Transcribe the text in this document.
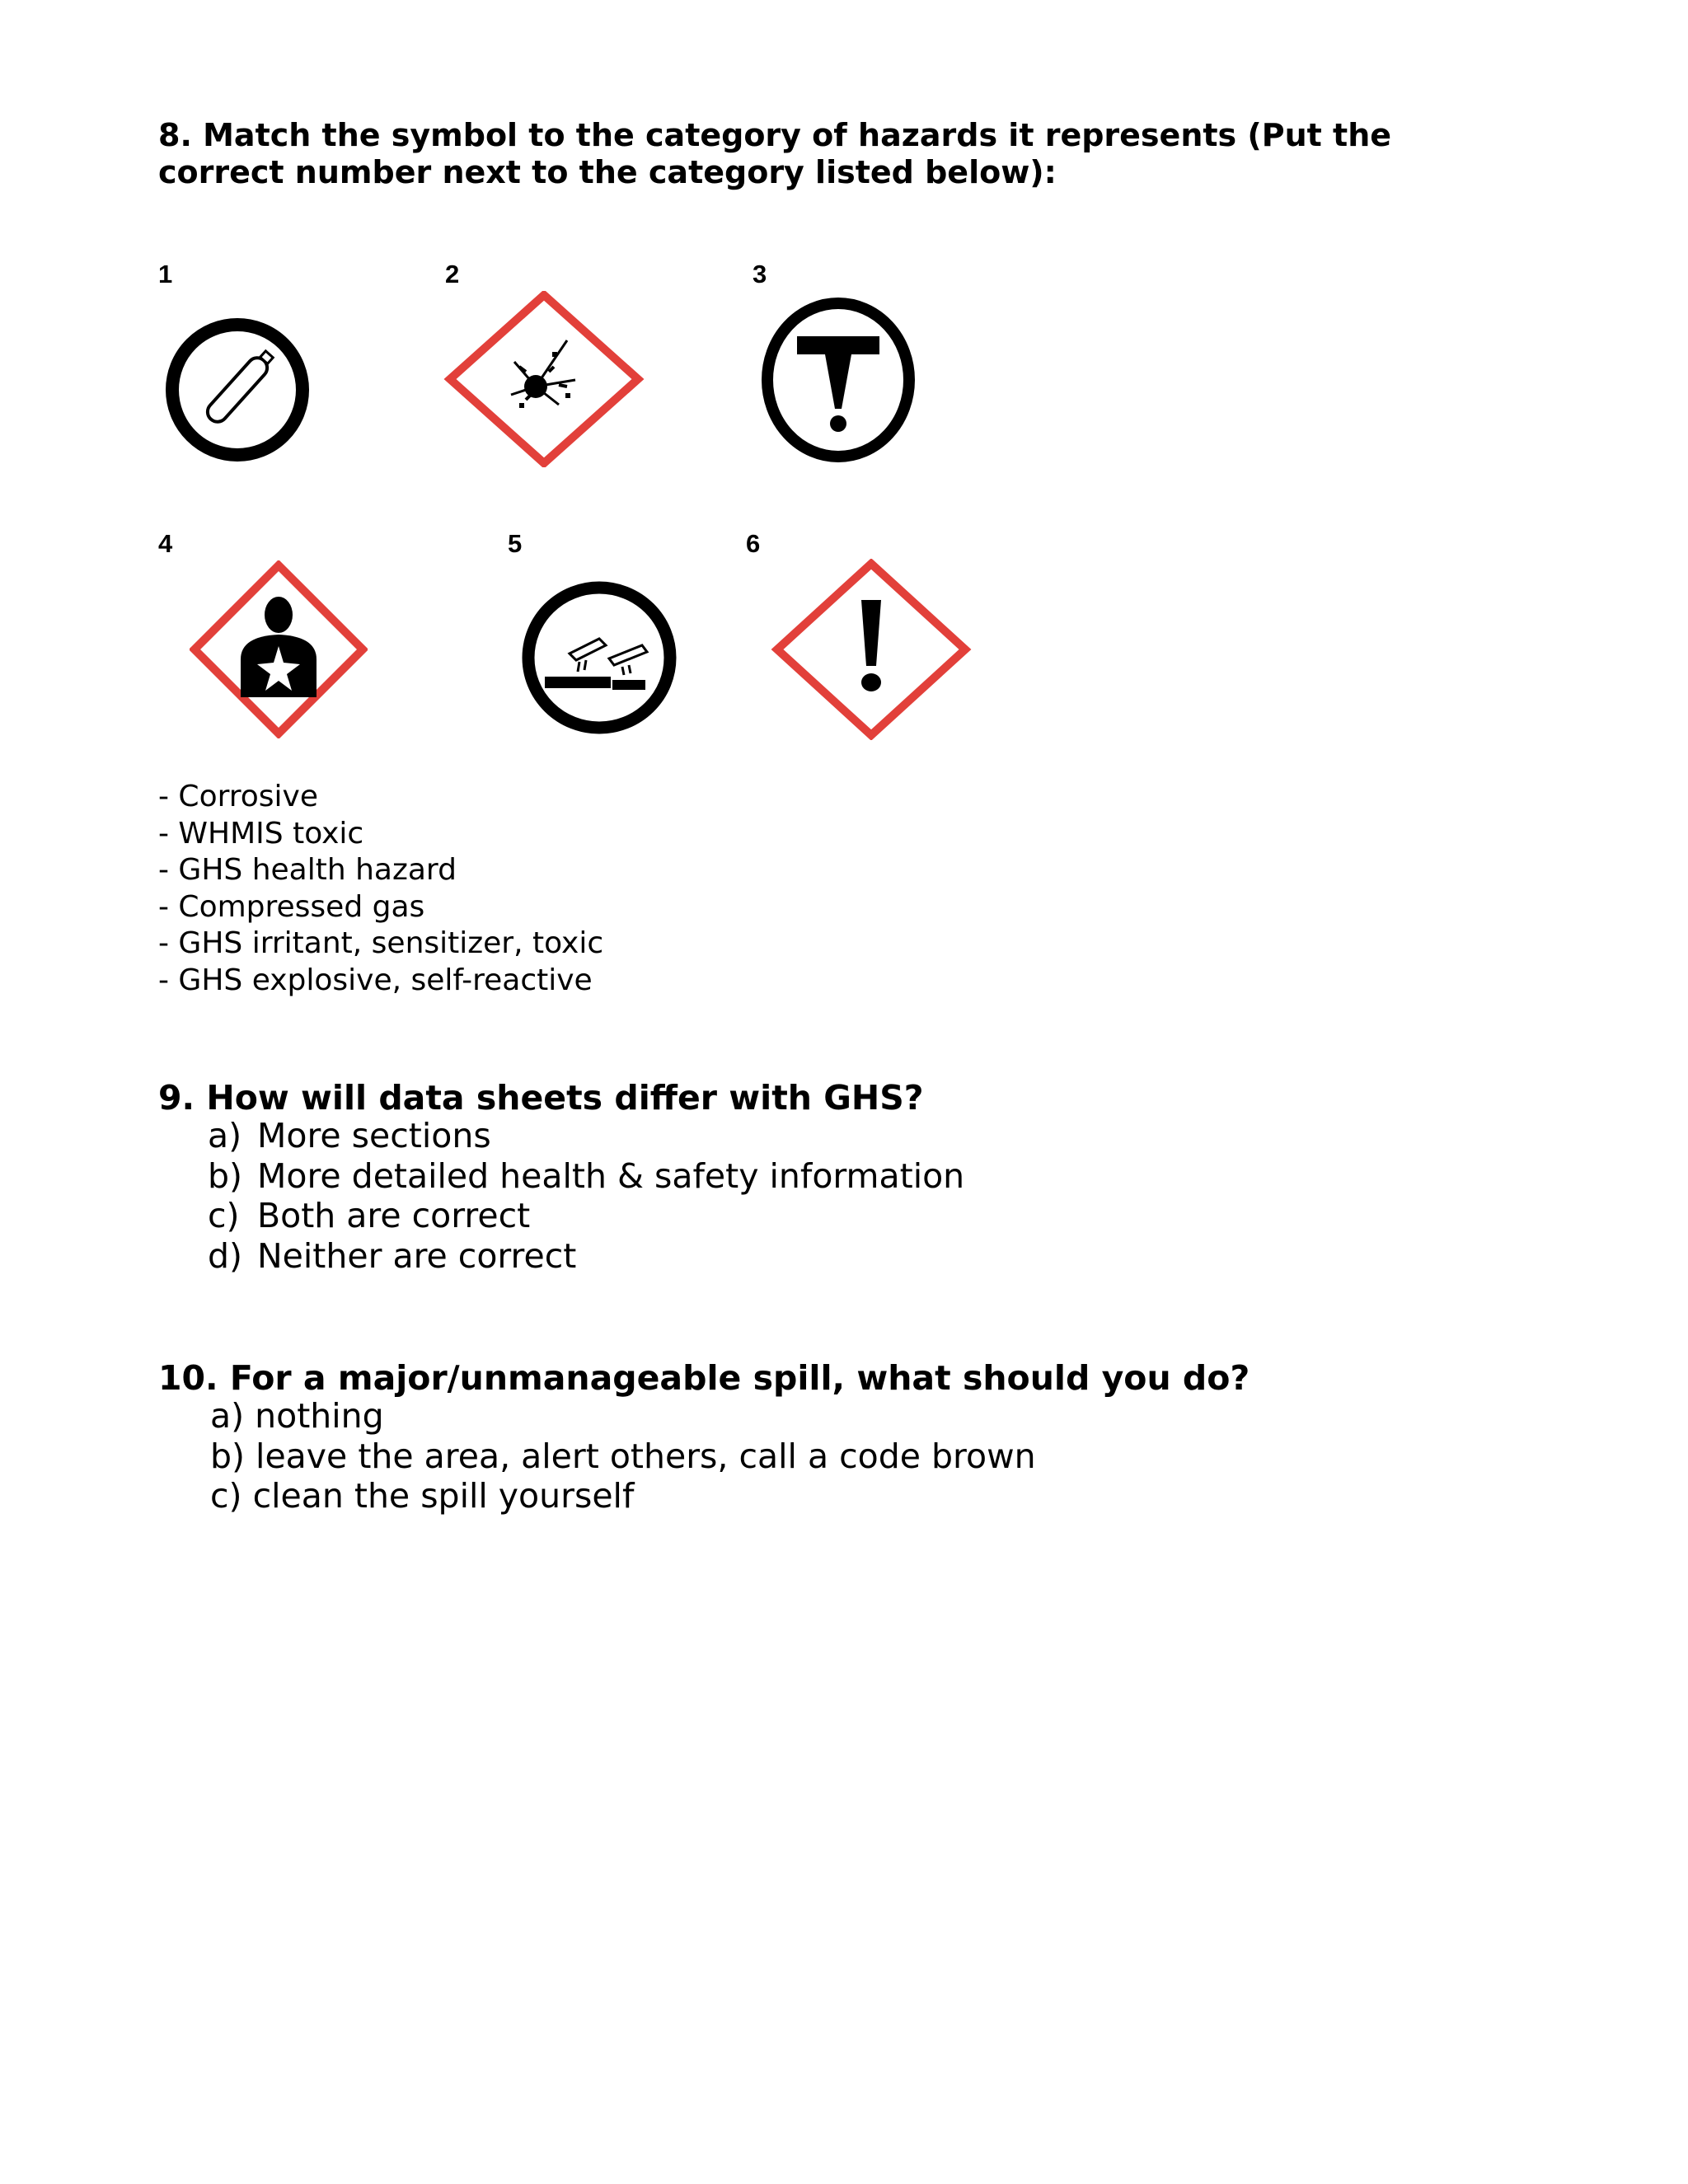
8. Match the symbol to the category of hazards it represents (Put the correct number next to the category listed below):
1	2	3
4	5	6
- Corrosive
- WHMIS toxic
- GHS health hazard
- Compressed gas
- GHS irritant, sensitizer, toxic
- GHS explosive, self-reactive
9. How will data sheets differ with GHS?
a) More sections
b) More detailed health & safety information
c) Both are correct
d) Neither are correct
10. For a major/unmanageable spill, what should you do?
a) nothing
b) leave the area, alert others, call a code brown
c) clean the spill yourself
